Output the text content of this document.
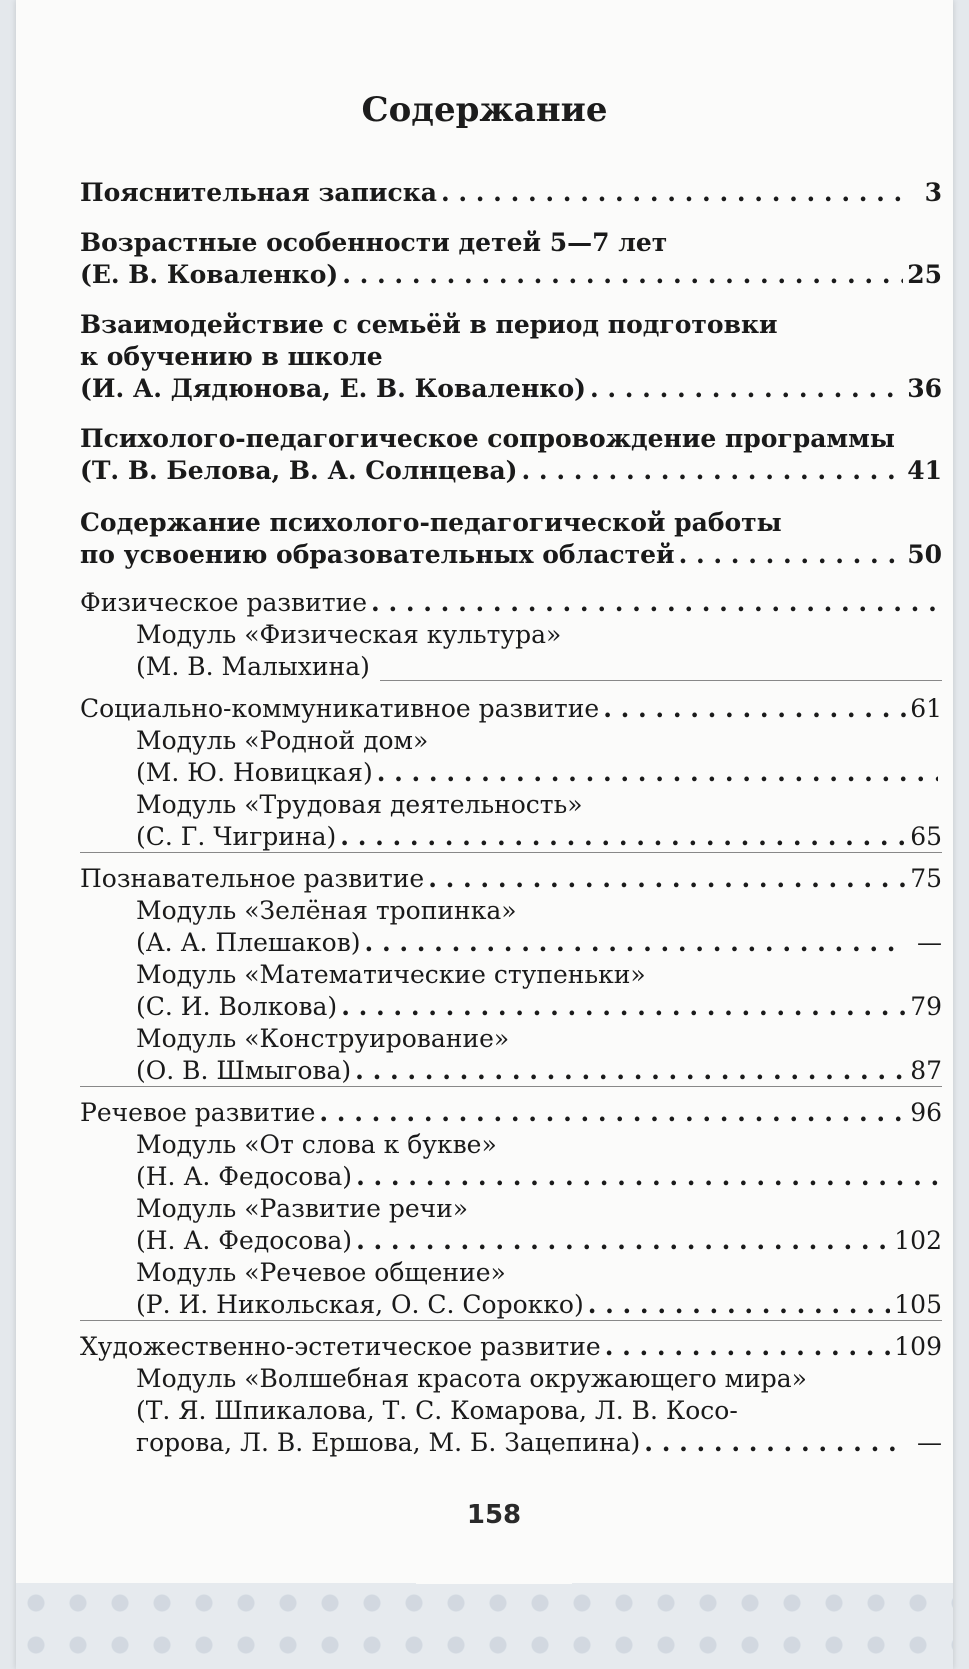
Содержание
Пояснительная записка . . .	3
Возрастные особенности детей 5—7 лет
(Е. В. Коваленко) . . .	25
Взаимодействие с семьёй в период подготовки
к обучению в школе
(И. А. Дядюнова, Е. В. Коваленко) . . .	36
Психолого-педагогическое сопровождение программы
(Т. В. Белова, В. А. Солнцева) . . .	41
Содержание психолого-педагогической работы
по усвоению образовательных областей . . .	50
Физическое развитие
. . .
Модуль «Физическая культура»
(М. В. Малыхина)
Социально-коммуникативное развитие . . .	61
Модуль «Родной дом»
(М. Ю. Новицкая)
. . .
Модуль «Трудовая деятельность»
(С. Г. Чигрина) . . .	65
Познавательное развитие . . .	75
Модуль «Зелёная тропинка»
(А. А. Плешаков) . . .	—
Модуль «Математические ступеньки»
(С. И. Волкова) . . .	79
Модуль «Конструирование»
(О. В. Шмыгова) . . .	87
Речевое развитие . . .	96
Модуль «От слова к букве»
(Н. А. Федосова)
. . .
Модуль «Развитие речи»
(Н. А. Федосова) . . .	102
Модуль «Речевое общение»
(Р. И. Никольская, О. С. Сорокко) . . .	105
Художественно-эстетическое развитие . . .	109
Модуль «Волшебная красота окружающего мира»
(Т. Я. Шпикалова, Т. С. Комарова, Л. В. Косо-
горова, Л. В. Ершова, М. Б. Зацепина) . . .	—
158
